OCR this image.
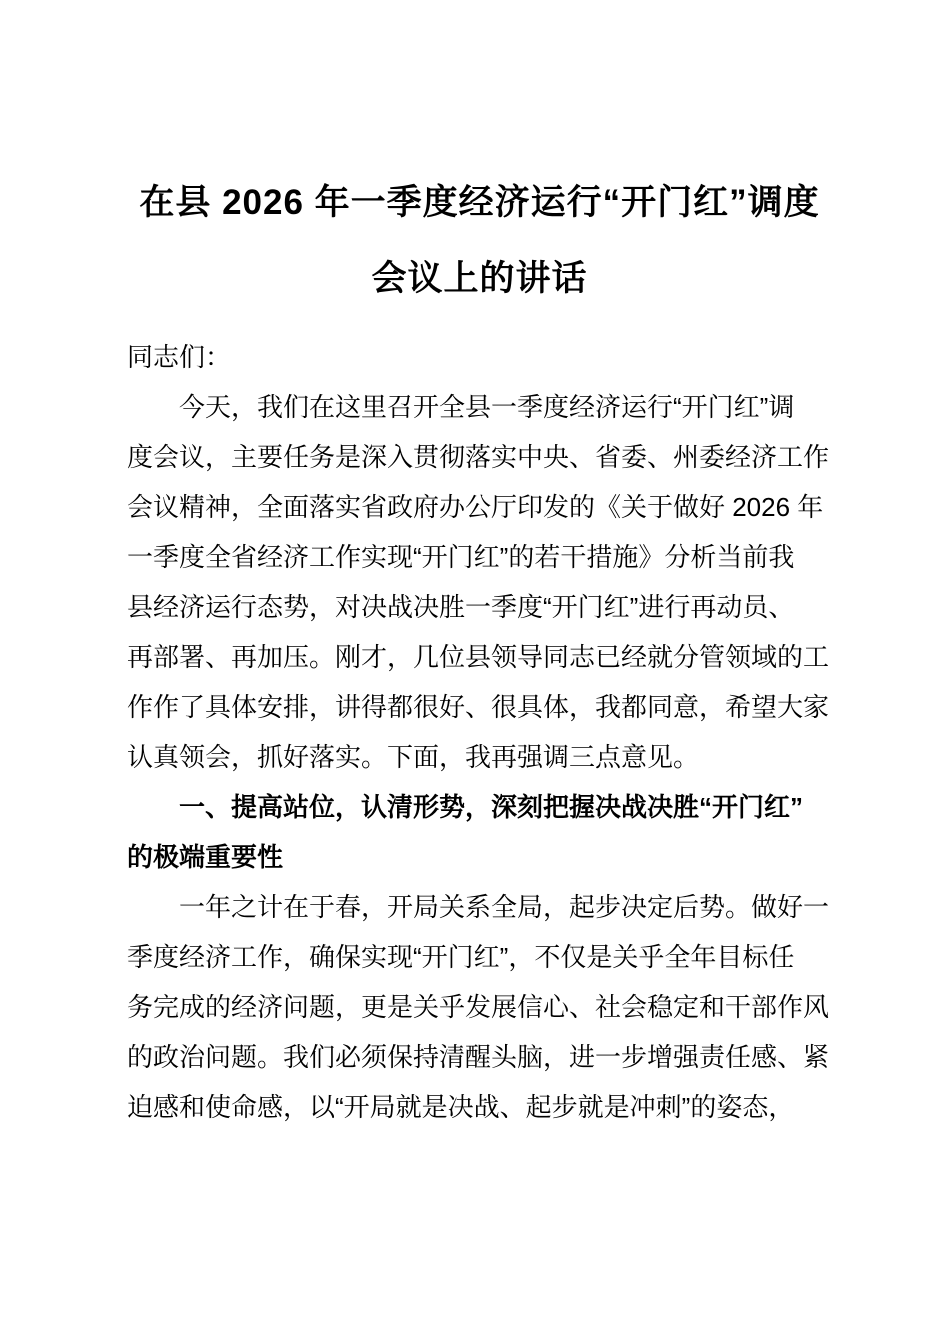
在县 2026 年一季度经济运行“开门红”调度
会议上的讲话
同志们：
今天，我们在这里召开全县一季度经济运行“开门红”调
度会议，主要任务是深入贯彻落实中央、省委、州委经济工作
会议精神，全面落实省政府办公厅印发的《关于做好 2026 年
一季度全省经济工作实现“开门红”的若干措施》分析当前我
县经济运行态势，对决战决胜一季度“开门红”进行再动员、
再部署、再加压。刚才，几位县领导同志已经就分管领域的工
作作了具体安排，讲得都很好、很具体，我都同意，希望大家
认真领会，抓好落实。下面，我再强调三点意见。
一、提高站位，认清形势，深刻把握决战决胜“开门红”
的极端重要性
一年之计在于春，开局关系全局，起步决定后势。做好一
季度经济工作，确保实现“开门红”，不仅是关乎全年目标任
务完成的经济问题，更是关乎发展信心、社会稳定和干部作风
的政治问题。我们必须保持清醒头脑，进一步增强责任感、紧
迫感和使命感，以“开局就是决战、起步就是冲刺”的姿态，
